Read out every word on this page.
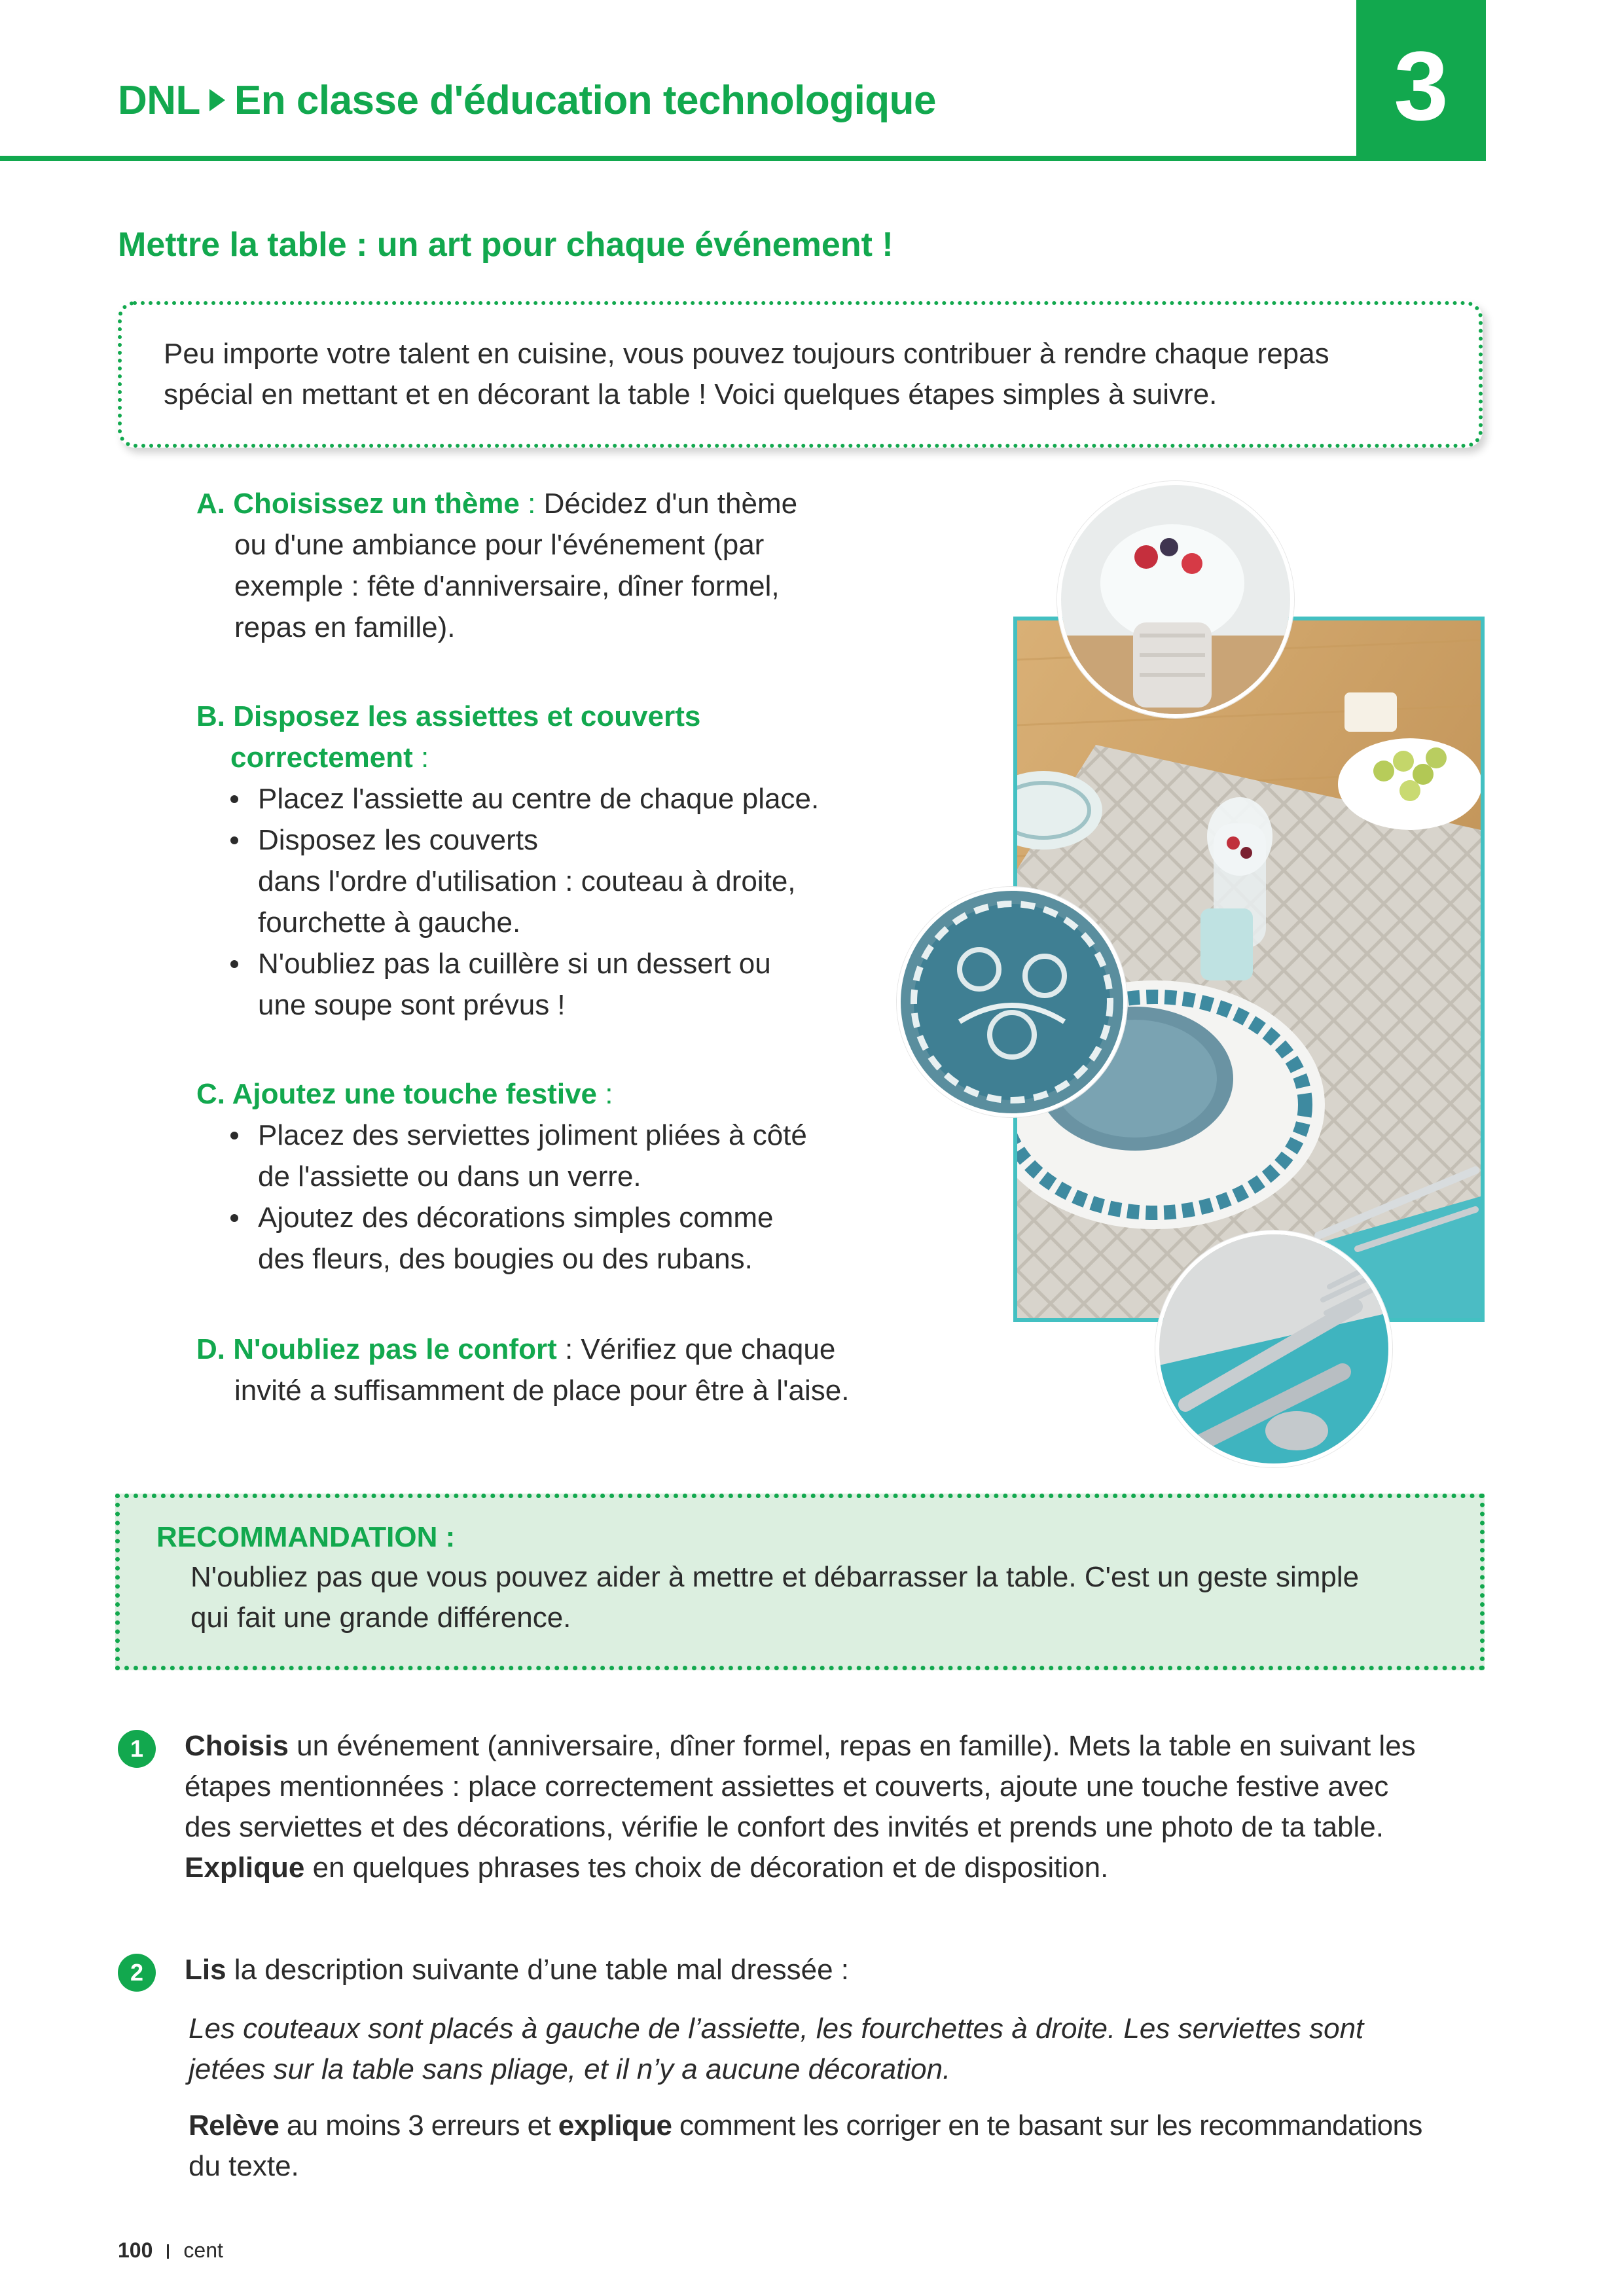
DNL En classe d'éducation technologique	3
Mettre la table : un art pour chaque événement !
Peu importe votre talent en cuisine, vous pouvez toujours contribuer à rendre chaque repas
spécial en mettant et en décorant la table ! Voici quelques étapes simples à suivre.
A. Choisissez un thème : Décidez d'un thème
ou d'une ambiance pour l'événement (par
exemple : fête d'anniversaire, dîner formel,
repas en famille).
B. Disposez les assiettes et couverts
correctement :
Placez l'assiette au centre de chaque place.
Disposez les couverts
dans l'ordre d'utilisation : couteau à droite,
fourchette à gauche.
N'oubliez pas la cuillère si un dessert ou
une soupe sont prévus !
C. Ajoutez une touche festive :
Placez des serviettes joliment pliées à côté
de l'assiette ou dans un verre.
Ajoutez des décorations simples comme
des fleurs, des bougies ou des rubans.
D. N'oubliez pas le confort : Vérifiez que chaque
invité a suffisamment de place pour être à l'aise.
RECOMMANDATION :
N'oubliez pas que vous pouvez aider à mettre et débarrasser la table. C'est un geste simple
qui fait une grande différence.
1	Choisis un événement (anniversaire, dîner formel, repas en famille). Mets la table en suivant les
étapes mentionnées : place correctement assiettes et couverts, ajoute une touche festive avec
des serviettes et des décorations, vérifie le confort des invités et prends une photo de ta table.
Explique en quelques phrases tes choix de décoration et de disposition.
2	Lis la description suivante d’une table mal dressée :
Les couteaux sont placés à gauche de l’assiette, les fourchettes à droite. Les serviettes sont
jetées sur la table sans pliage, et il n’y a aucune décoration.
Relève au moins 3 erreurs et explique comment les corriger en te basant sur les recommandations
du texte.
100 cent
